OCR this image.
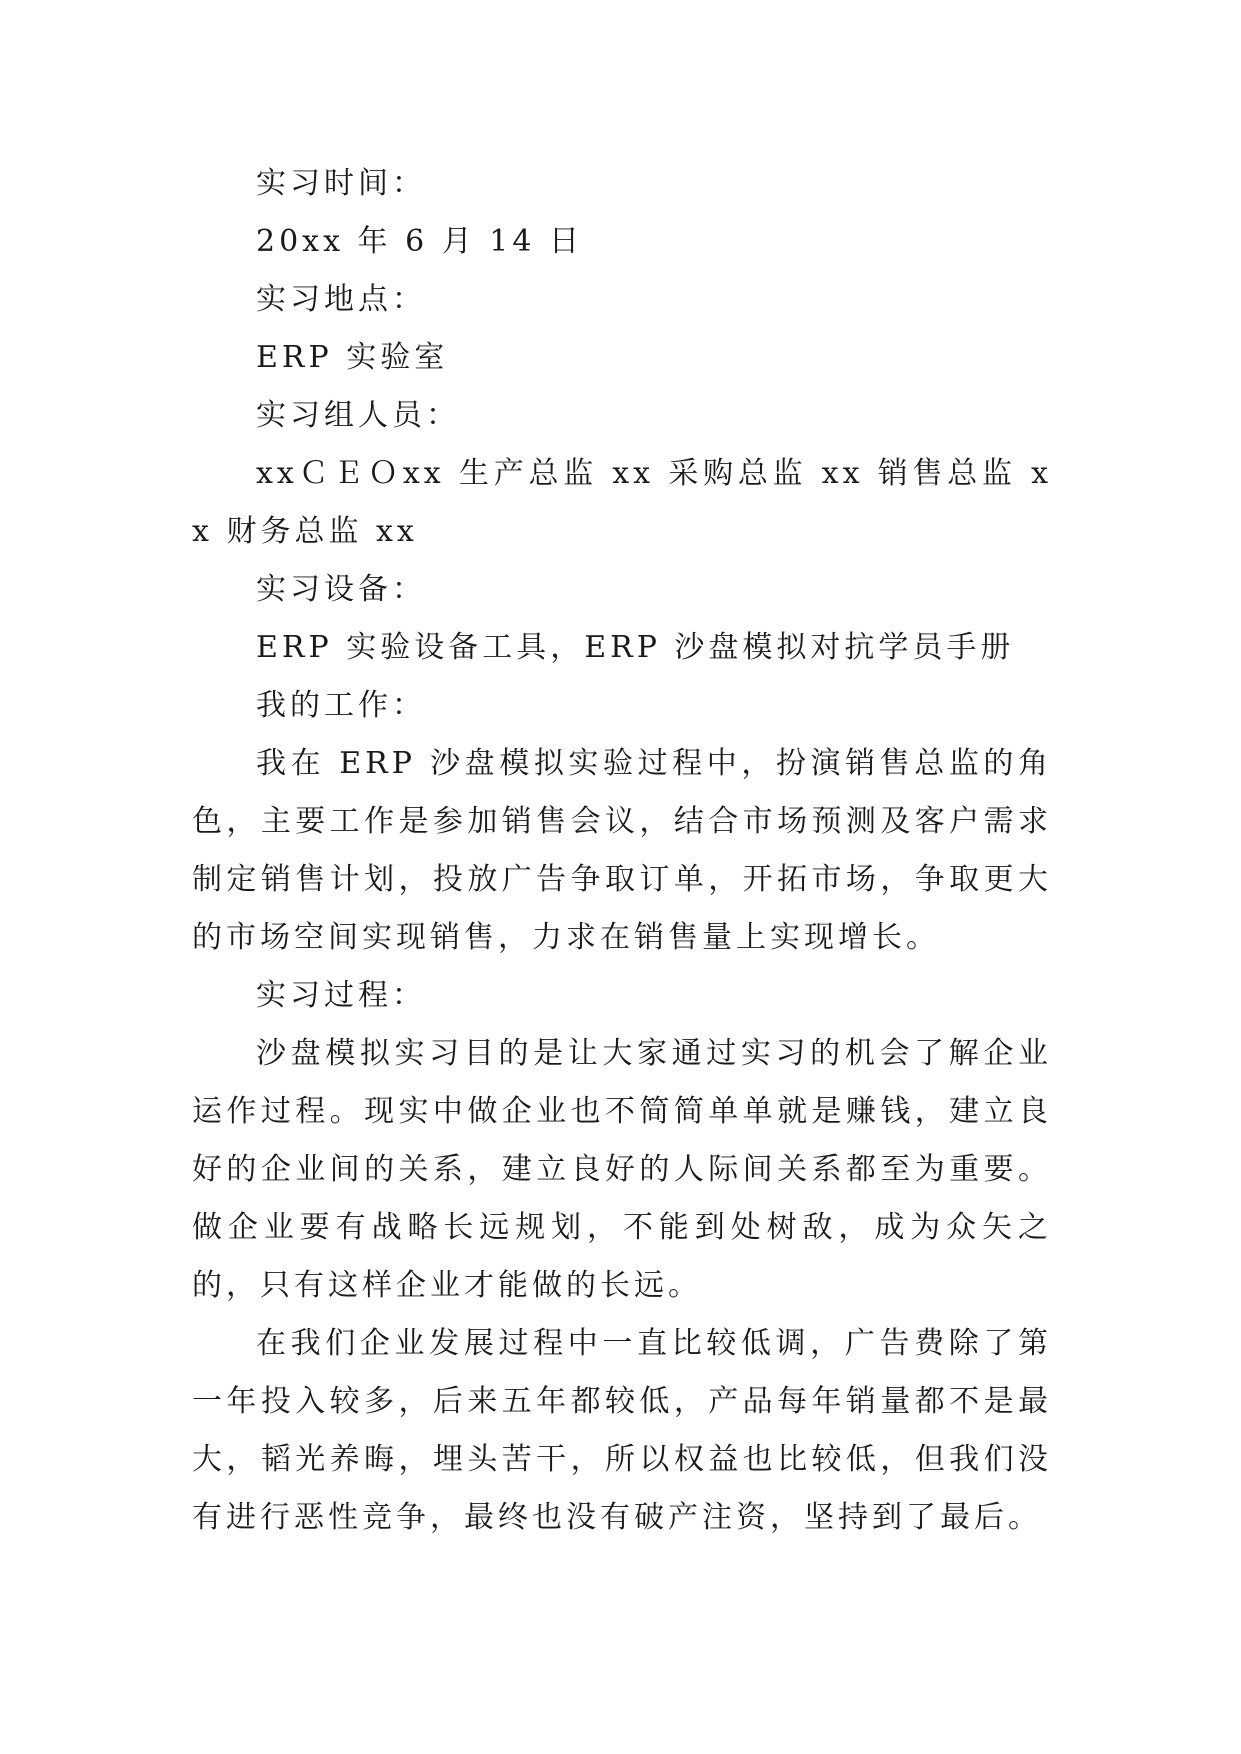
实习时间：

20xx 年 6 月 14 日

实习地点：

ERP 实验室

实习组人员：

xxＣＥＯxx 生产总监 xx 采购总监 xx 销售总监 xx 财务总监 xx

实习设备：

ERP 实验设备工具，ERP 沙盘模拟对抗学员手册

我的工作：

我在 ERP 沙盘模拟实验过程中，扮演销售总监的角色，主要工作是参加销售会议，结合市场预测及客户需求制定销售计划，投放广告争取订单，开拓市场，争取更大的市场空间实现销售，力求在销售量上实现增长。

实习过程：

沙盘模拟实习目的是让大家通过实习的机会了解企业运作过程。现实中做企业也不简简单单就是赚钱，建立良好的企业间的关系，建立良好的人际间关系都至为重要。做企业要有战略长远规划，不能到处树敌，成为众矢之的，只有这样企业才能做的长远。

在我们企业发展过程中一直比较低调，广告费除了第一年投入较多，后来五年都较低，产品每年销量都不是最大，韬光养晦，埋头苦干，所以权益也比较低，但我们没有进行恶性竞争，最终也没有破产注资，坚持到了最后。
